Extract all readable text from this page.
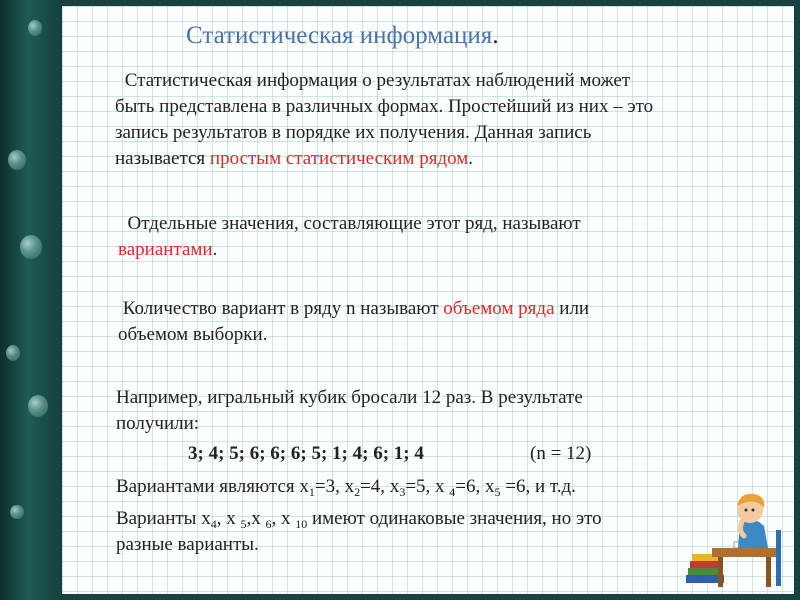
Статистическая информация.
Статистическая информация о результатах наблюдений может
быть представлена в различных формах. Простейший из них – это
запись результатов в порядке их получения. Данная запись
называется простым статистическим рядом.
Отдельные значения, составляющие этот ряд, называют
вариантами.
Количество вариант в ряду n называют объемом ряда или
объемом выборки.
Например, игральный кубик бросали 12 раз. В результате
получили:
3; 4; 5; 6; 6; 6; 5; 1; 4; 6; 1; 4	(n = 12)
Вариантами являются $x_1=3$, $x_2=4$, $x_3=5$, x $_4$=6, $x_5 =6$, и т.д.
Варианты $x_4$, x $_5$,x $_6$, x $_{10}$ имеют одинаковые значения, но это
разные варианты.
